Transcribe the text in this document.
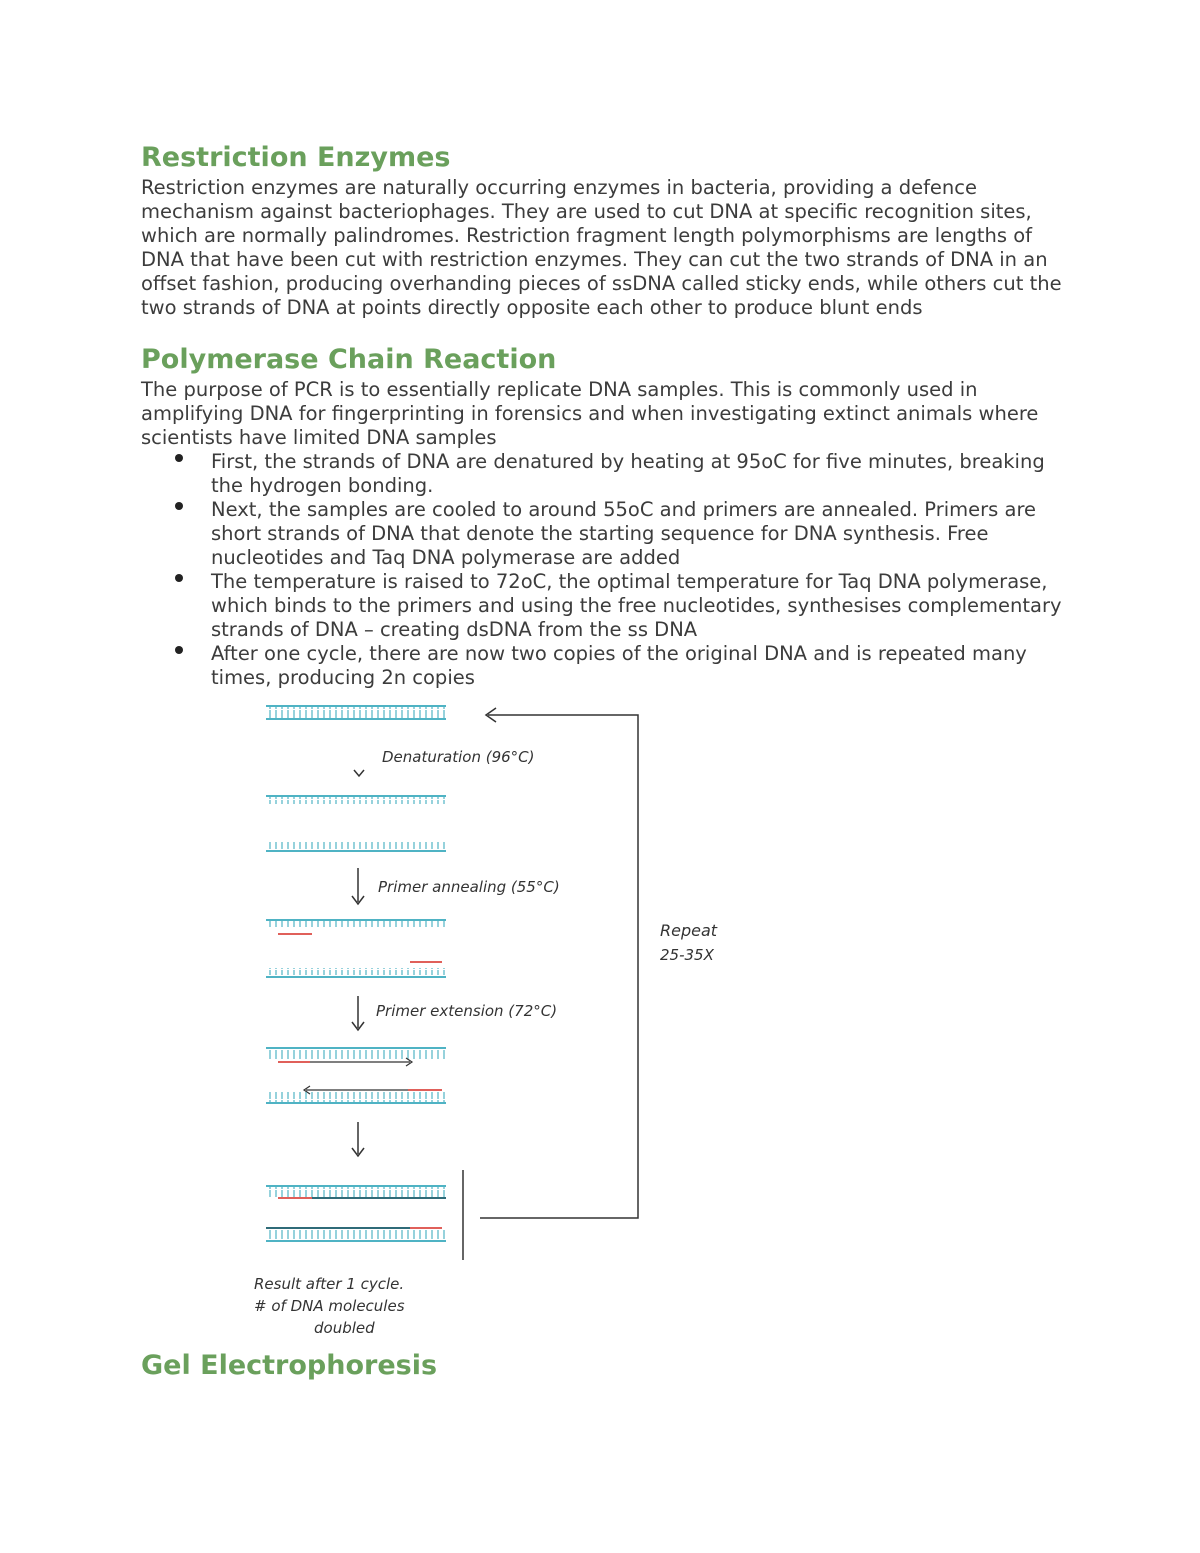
Restriction Enzymes

Restriction enzymes are naturally occurring enzymes in bacteria, providing a defence mechanism against bacteriophages. They are used to cut DNA at specific recognition sites, which are normally palindromes. Restriction fragment length polymorphisms are lengths of DNA that have been cut with restriction enzymes. They can cut the two strands of DNA in an offset fashion, producing overhanding pieces of ssDNA called sticky ends, while others cut the two strands of DNA at points directly opposite each other to produce blunt ends

Polymerase Chain Reaction

The purpose of PCR is to essentially replicate DNA samples. This is commonly used in amplifying DNA for fingerprinting in forensics and when investigating extinct animals where scientists have limited DNA samples

First, the strands of DNA are denatured by heating at 95oC for five minutes, breaking the hydrogen bonding.
Next, the samples are cooled to around 55oC and primers are annealed. Primers are short strands of DNA that denote the starting sequence for DNA synthesis. Free nucleotides and Taq DNA polymerase are added
The temperature is raised to 72oC, the optimal temperature for Taq DNA polymerase, which binds to the primers and using the free nucleotides, synthesises complementary strands of DNA – creating dsDNA from the ss DNA
After one cycle, there are now two copies of the original DNA and is repeated many times, producing 2n copies
Denaturation (96°C)
Primer annealing (55°C)
Primer extension (72°C)
Repeat
25-35X
Result after 1 cycle.
# of DNA molecules
doubled
Gel Electrophoresis
